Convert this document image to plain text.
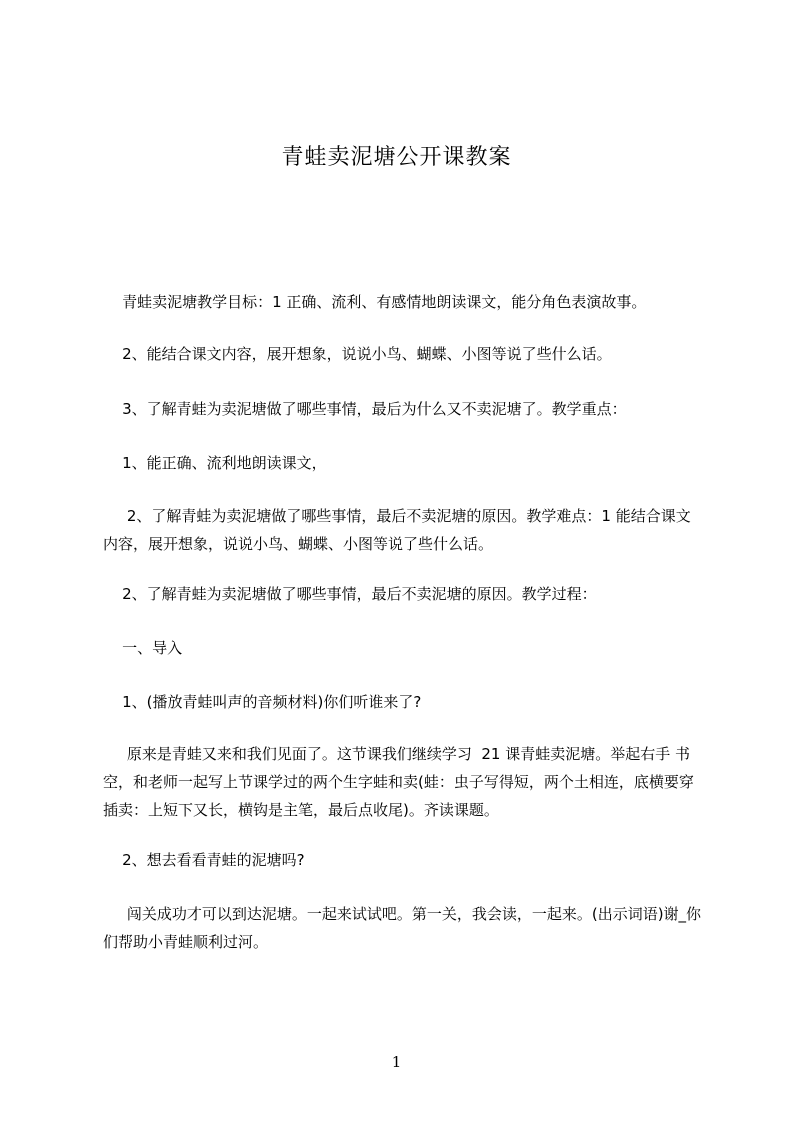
青蛙卖泥塘公开课教案
青蛙卖泥塘教学目标：1 正确、流利、有感情地朗读课文，能分角色表演故事。
2、能结合课文内容，展开想象，说说小鸟、蝴蝶、小图等说了些什么话。
3、了解青蛙为卖泥塘做了哪些事情，最后为什么又不卖泥塘了。教学重点：
1、能正确、流利地朗读课文，
2、了解青蛙为卖泥塘做了哪些事情，最后不卖泥塘的原因。教学难点：1 能结合课文内容，展开想象，说说小鸟、蝴蝶、小图等说了些什么话。
2、了解青蛙为卖泥塘做了哪些事情，最后不卖泥塘的原因。教学过程：
一、导入
1、(播放青蛙叫声的音频材料)你们听谁来了?
原来是青蛙又来和我们见面了。这节课我们继续学习  21 课青蛙卖泥塘。举起右手 书空，和老师一起写上节课学过的两个生字蛙和卖(蛙：虫子写得短，两个土相连，底横要穿插卖：上短下又长，横钩是主笔，最后点收尾)。齐读课题。
2、想去看看青蛙的泥塘吗?
闯关成功才可以到达泥塘。一起来试试吧。第一关，我会读，一起来。(出示词语)谢_你们帮助小青蛙顺利过河。
1
